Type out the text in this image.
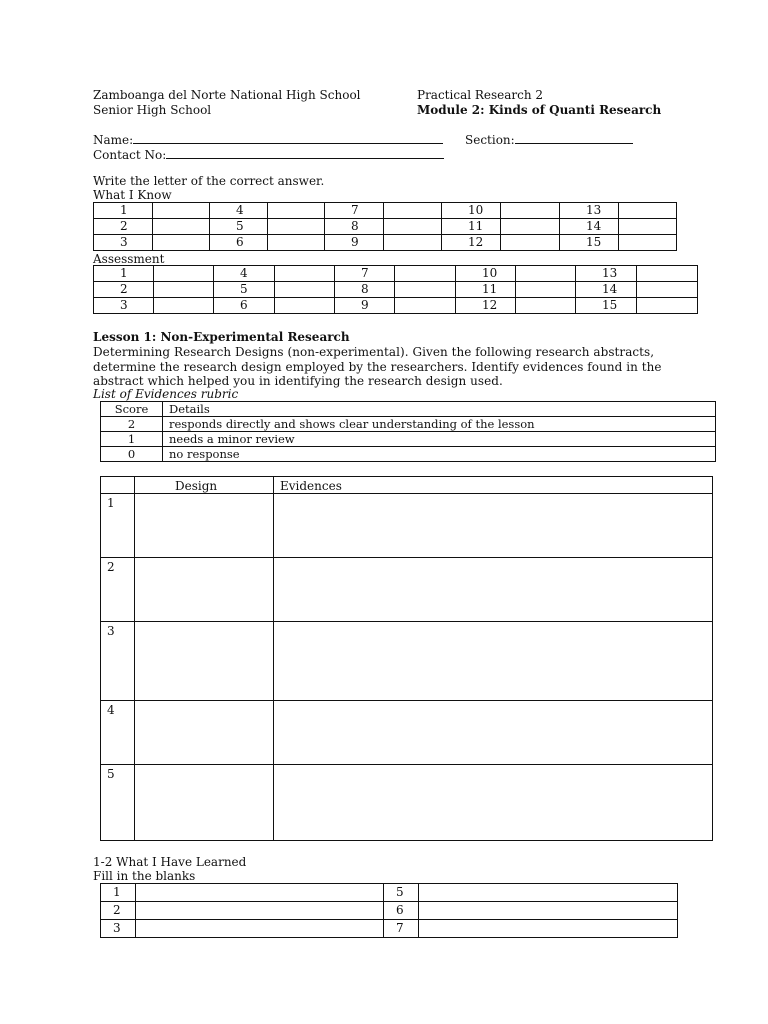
Zamboanga del Norte National High School
Senior High School
Practical Research 2
Module 2: Kinds of Quanti Research
Name:	Section:
Contact No:
Write the letter of the correct answer.
What I Know
1		4		7		10		13	
2		5		8		11		14	
3		6		9		12		15	
Assessment
1		4		7		10		13	
2		5		8		11		14	
3		6		9		12		15	
Lesson 1: Non-Experimental Research
Determining Research Designs (non-experimental). Given the following research abstracts,
determine the research design employed by the researchers. Identify evidences found in the
abstract which helped you in identifying the research design used.
List of Evidences rubric
Score	Details
2	responds directly and shows clear understanding of the lesson
1	needs a minor review
0	no response
	Design	Evidences
1		
2		
3		
4		
5		
1-2 What I Have Learned
Fill in the blanks
1		5	
2		6	
3		7	
